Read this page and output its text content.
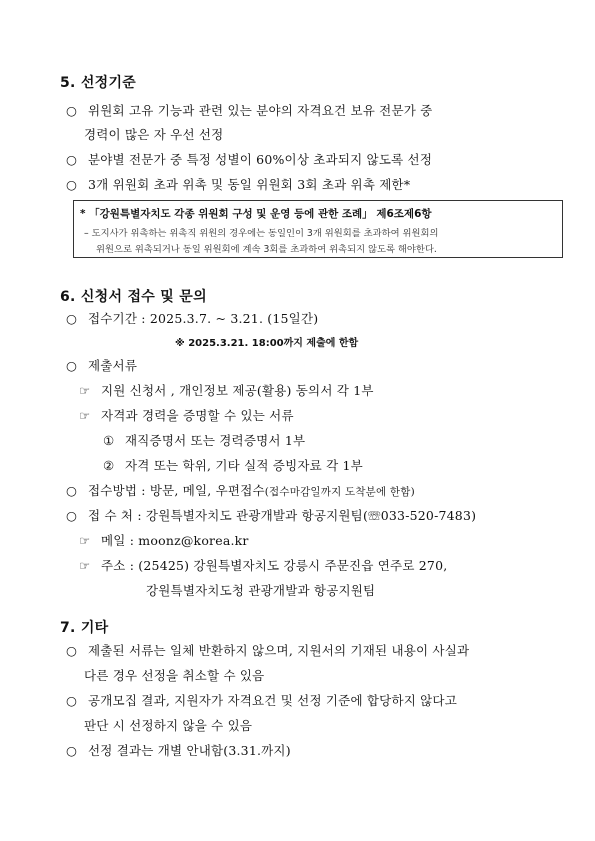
5. 선정기준
○ 위원회 고유 기능과 관련 있는 분야의 자격요건 보유 전문가 중
경력이 많은 자 우선 선정
○ 분야별 전문가 중 특정 성별이 60%이상 초과되지 않도록 선정
○ 3개 위원회 초과 위촉 및 동일 위원회 3회 초과 위촉 제한*
* 「강원특별자치도 각종 위원회 구성 및 운영 등에 관한 조례」 제6조제6항
– 도지사가 위촉하는 위촉직 위원의 경우에는 동일인이 3개 위원회를 초과하여 위원회의
위원으로 위촉되거나 동일 위원회에 계속 3회를 초과하여 위촉되지 않도록 해야한다.
6. 신청서 접수 및 문의
○ 접수기간 : 2025.3.7. ~ 3.21. (15일간)
※ 2025.3.21. 18:00까지 제출에 한함
○ 제출서류
☞ 지원 신청서 , 개인정보 제공(활용) 동의서 각 1부
☞ 자격과 경력을 증명할 수 있는 서류
① 재직증명서 또는 경력증명서 1부
② 자격 또는 학위, 기타 실적 증빙자료 각 1부
○ 접수방법 : 방문, 메일, 우편접수(접수마감일까지 도착분에 한함)
○ 접 수 처 : 강원특별자치도 관광개발과 항공지원팀(☏033-520-7483)
☞ 메일 : moonz@korea.kr
☞ 주소 : (25425) 강원특별자치도 강릉시 주문진읍 연주로 270,
강원특별자치도청 관광개발과 항공지원팀
7. 기타
○ 제출된 서류는 일체 반환하지 않으며, 지원서의 기재된 내용이 사실과
다른 경우 선정을 취소할 수 있음
○ 공개모집 결과, 지원자가 자격요건 및 선정 기준에 합당하지 않다고
판단 시 선정하지 않을 수 있음
○ 선정 결과는 개별 안내함(3.31.까지)
